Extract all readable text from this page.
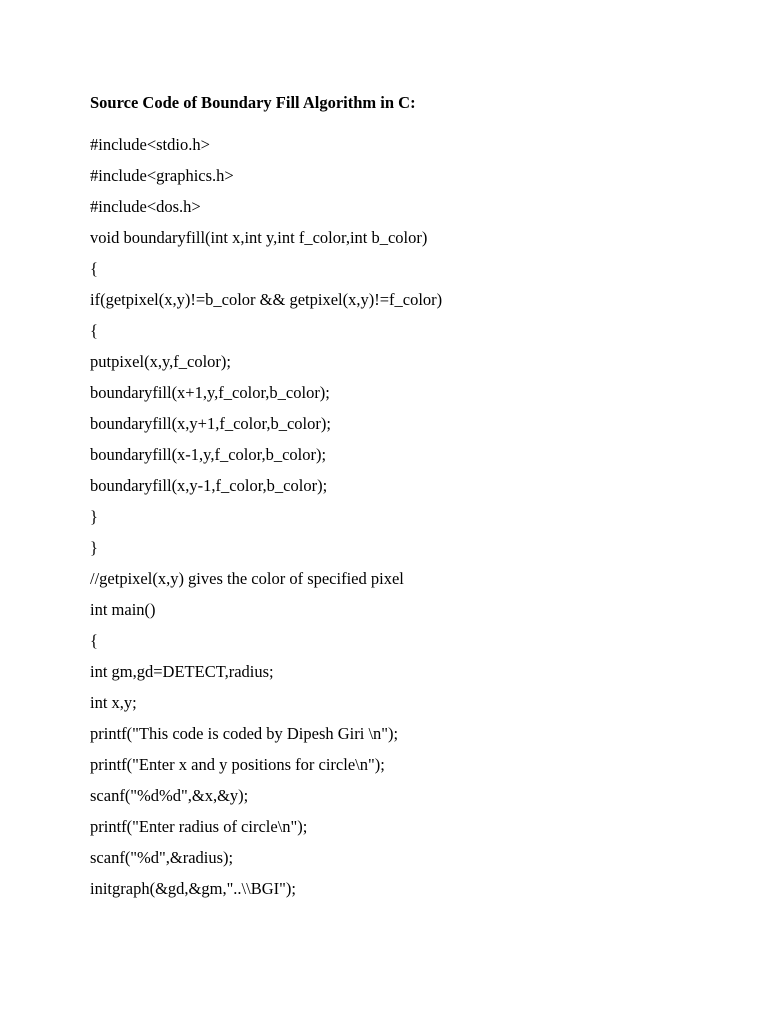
Source Code of Boundary Fill Algorithm in C:
#include<stdio.h>
#include<graphics.h>
#include<dos.h>
void boundaryfill(int x,int y,int f_color,int b_color)
{
if(getpixel(x,y)!=b_color && getpixel(x,y)!=f_color)
{
putpixel(x,y,f_color);
boundaryfill(x+1,y,f_color,b_color);
boundaryfill(x,y+1,f_color,b_color);
boundaryfill(x-1,y,f_color,b_color);
boundaryfill(x,y-1,f_color,b_color);
}
}
//getpixel(x,y) gives the color of specified pixel
int main()
{
int gm,gd=DETECT,radius;
int x,y;
printf("This code is coded by Dipesh Giri \n");
printf("Enter x and y positions for circle\n");
scanf("%d%d",&x,&y);
printf("Enter radius of circle\n");
scanf("%d",&radius);
initgraph(&gd,&gm,"..\\BGI");
